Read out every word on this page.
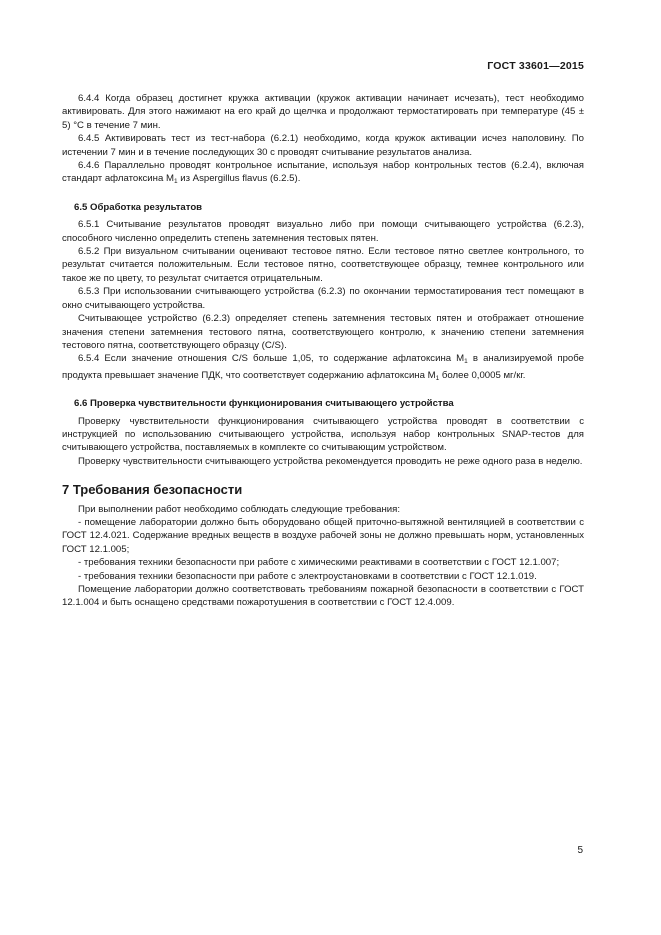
ГОСТ 33601—2015

6.4.4 Когда образец достигнет кружка активации (кружок активации начинает исчезать), тест необходимо активировать. Для этого нажимают на его край до щелчка и продолжают термостатировать при температуре (45 ± 5) °С в течение 7 мин.

6.4.5 Активировать тест из тест-набора (6.2.1) необходимо, когда кружок активации исчез наполовину. По истечении 7 мин и в течение последующих 30 с проводят считывание результатов анализа.

6.4.6 Параллельно проводят контрольное испытание, используя набор контрольных тестов (6.2.4), включая стандарт афлатоксина $М_1$ из Aspergillus flavus (6.2.5).

6.5 Обработка результатов

6.5.1 Считывание результатов проводят визуально либо при помощи считывающего устройства (6.2.3), способного численно определить степень затемнения тестовых пятен.

6.5.2 При визуальном считывании оценивают тестовое пятно. Если тестовое пятно светлее контрольного, то результат считается положительным. Если тестовое пятно, соответствующее образцу, темнее контрольного или такое же по цвету, то результат считается отрицательным.

6.5.3 При использовании считывающего устройства (6.2.3) по окончании термостатирования тест помещают в окно считывающего устройства.

Считывающее устройство (6.2.3) определяет степень затемнения тестовых пятен и отображает отношение значения степени затемнения тестового пятна, соответствующего контролю, к значению степени затемнения тестового пятна, соответствующего образцу (С/S).

6.5.4 Если значение отношения C/S больше 1,05, то содержание афлатоксина $М_1$ в анализируемой пробе продукта превышает значение ПДК, что соответствует содержанию афлатоксина $М_1$ более 0,0005 мг/кг.

6.6 Проверка чувствительности функционирования считывающего устройства

Проверку чувствительности функционирования считывающего устройства проводят в соответствии с инструкцией по использованию считывающего устройства, используя набор контрольных SNAP-тестов для считывающего устройства, поставляемых в комплекте со считывающим устройством.

Проверку чувствительности считывающего устройства рекомендуется проводить не реже одного раза в неделю.

7 Требования безопасности

При выполнении работ необходимо соблюдать следующие требования:

- помещение лаборатории должно быть оборудовано общей приточно-вытяжной вентиляцией в соответствии с ГОСТ 12.4.021. Содержание вредных веществ в воздухе рабочей зоны не должно превышать норм, установленных ГОСТ 12.1.005;

- требования техники безопасности при работе с химическими реактивами в соответствии с ГОСТ 12.1.007;

- требования техники безопасности при работе с электроустановками в соответствии с ГОСТ 12.1.019.

Помещение лаборатории должно соответствовать требованиям пожарной безопасности в соответствии с ГОСТ 12.1.004 и быть оснащено средствами пожаротушения в соответствии с ГОСТ 12.4.009.

5
